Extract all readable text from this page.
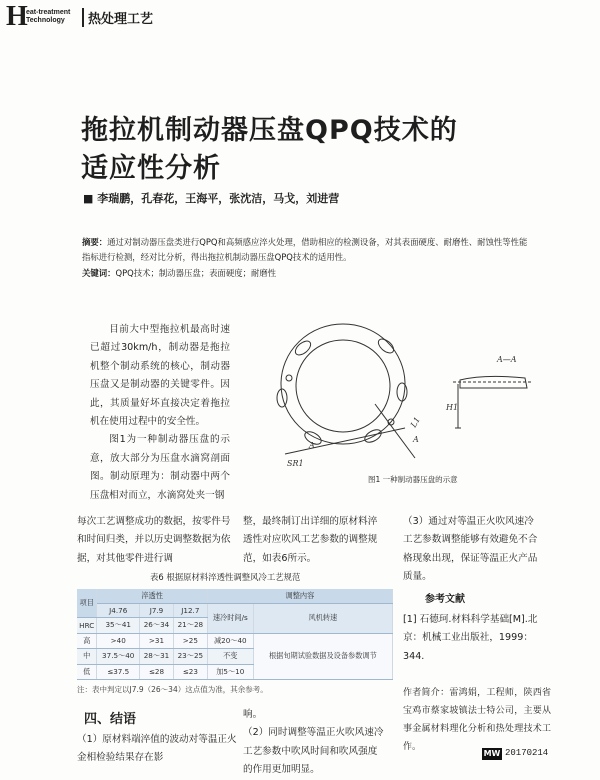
H
eat-treatment
Technology	热处理工艺
拖拉机制动器压盘QPQ技术的
适应性分析
■ 李瑞鹏，孔春花，王海平，张沈洁，马戈，刘进营
摘要：通过对制动器压盘类进行QPQ和高频感应淬火处理，借助相应的检测设备，对其表面硬度、耐磨性、耐蚀性等性能指标进行检测，经对比分析，得出拖拉机制动器压盘QPQ技术的适用性。
关键词：QPQ技术；制动器压盘；表面硬度；耐磨性

目前大中型拖拉机最高时速已超过30km/h，制动器是拖拉机整个制动系统的核心，制动器压盘又是制动器的关键零件。因此，其质量好坏直接决定着拖拉机在使用过程中的安全性。

图1为一种制动器压盘的示意，放大部分为压盘水滴窝剖面图。制动原理为：制动器中两个压盘相对而立，水滴窝处夹一钢

A—A
A
A
L1
H1
SR1
图1 一种制动器压盘的示意
每次工艺调整成功的数据，按零件号和时间归类，并以历史调整数据为依据，对其他零件进行调
整，最终制订出详细的原材料淬透性对应吹风工艺参数的调整规范，如表6所示。

（3）通过对等温正火吹风速冷工艺参数调整能够有效避免不合格现象出现，保证等温正火产品质量。

表6 根据原材料淬透性调整风冷工艺规范
项目	淬透性			调整内容	
	J4.76	J7.9	J12.7	速冷时间/s	风机转速
HRC	35～41	26～34	21～28		
高	>40	>31	>25	减20～40	根据旬期试验数据及设备参数调节
中	37.5～40	28～31	23～25	不变	
低	≤37.5	≤28	≤23	加5～10	
注：表中判定以J7.9（26～34）这点值为准，其余参考。
四、结语
（1）原材料端淬值的波动对等温正火金相检验结果存在影
响。
（2）同时调整等温正火吹风速冷工艺参数中吹风时间和吹风强度的作用更加明显。
参考文献

[1] 石德珂.材料科学基础[M].北京：机械工业出版社，1999：344.

作者简介：雷鸿娟，工程师，陕西省宝鸡市蔡家坡镇法士特公司，主要从事金属材料理化分析和热处理技术工作。
MW 20170214
